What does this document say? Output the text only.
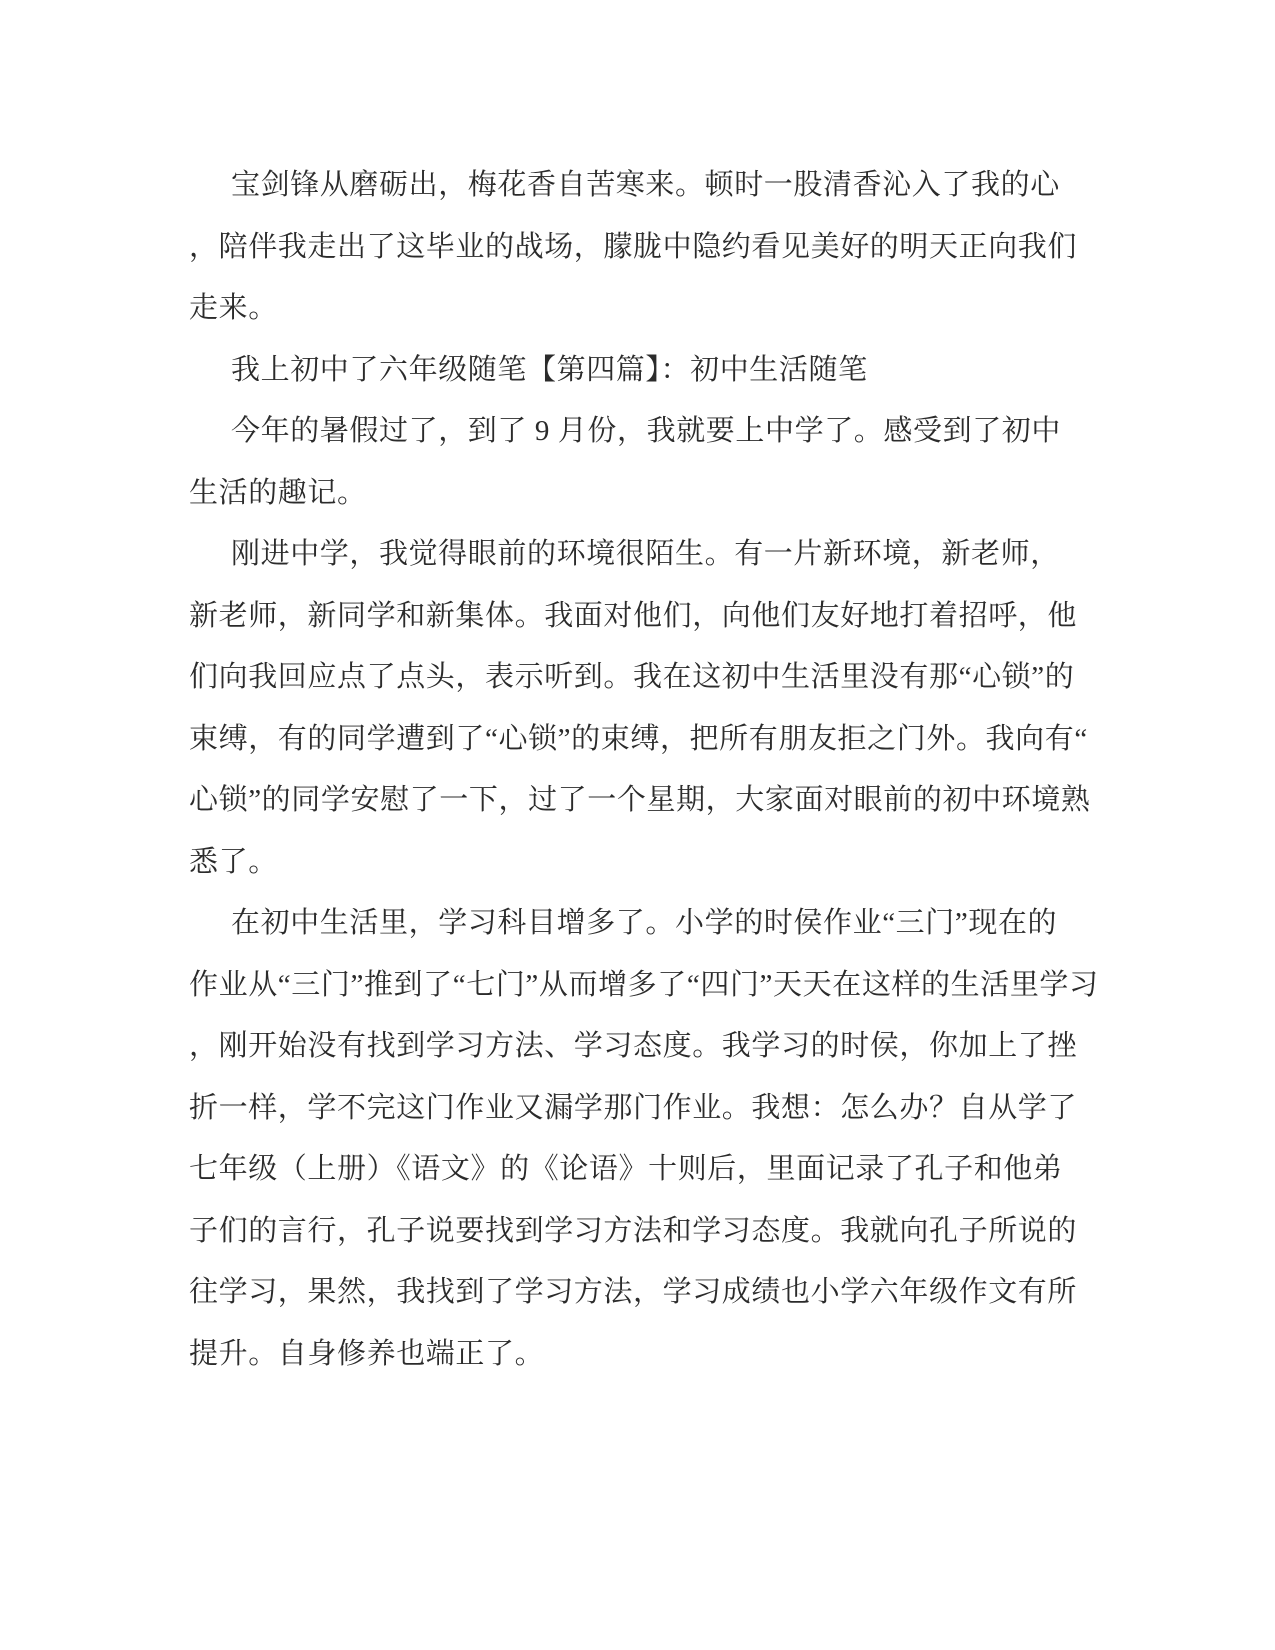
宝剑锋从磨砺出，梅花香自苦寒来。顿时一股清香沁入了我的心
，陪伴我走出了这毕业的战场，朦胧中隐约看见美好的明天正向我们
走来。
我上初中了六年级随笔【第四篇】：初中生活随笔
今年的暑假过了，到了 9 月份，我就要上中学了。感受到了初中
生活的趣记。
刚进中学，我觉得眼前的环境很陌生。有一片新环境，新老师，
新老师，新同学和新集体。我面对他们，向他们友好地打着招呼，他
们向我回应点了点头，表示听到。我在这初中生活里没有那“心锁”的
束缚，有的同学遭到了“心锁”的束缚，把所有朋友拒之门外。我向有“
心锁”的同学安慰了一下，过了一个星期，大家面对眼前的初中环境熟
悉了。
在初中生活里，学习科目增多了。小学的时侯作业“三门”现在的
作业从“三门”推到了“七门”从而增多了“四门”天天在这样的生活里学习
，刚开始没有找到学习方法、学习态度。我学习的时侯，你加上了挫
折一样，学不完这门作业又漏学那门作业。我想：怎么办？自从学了
七年级（上册）《语文》的《论语》十则后，里面记录了孔子和他弟
子们的言行，孔子说要找到学习方法和学习态度。我就向孔子所说的
往学习，果然，我找到了学习方法，学习成绩也小学六年级作文有所
提升。自身修养也端正了。
